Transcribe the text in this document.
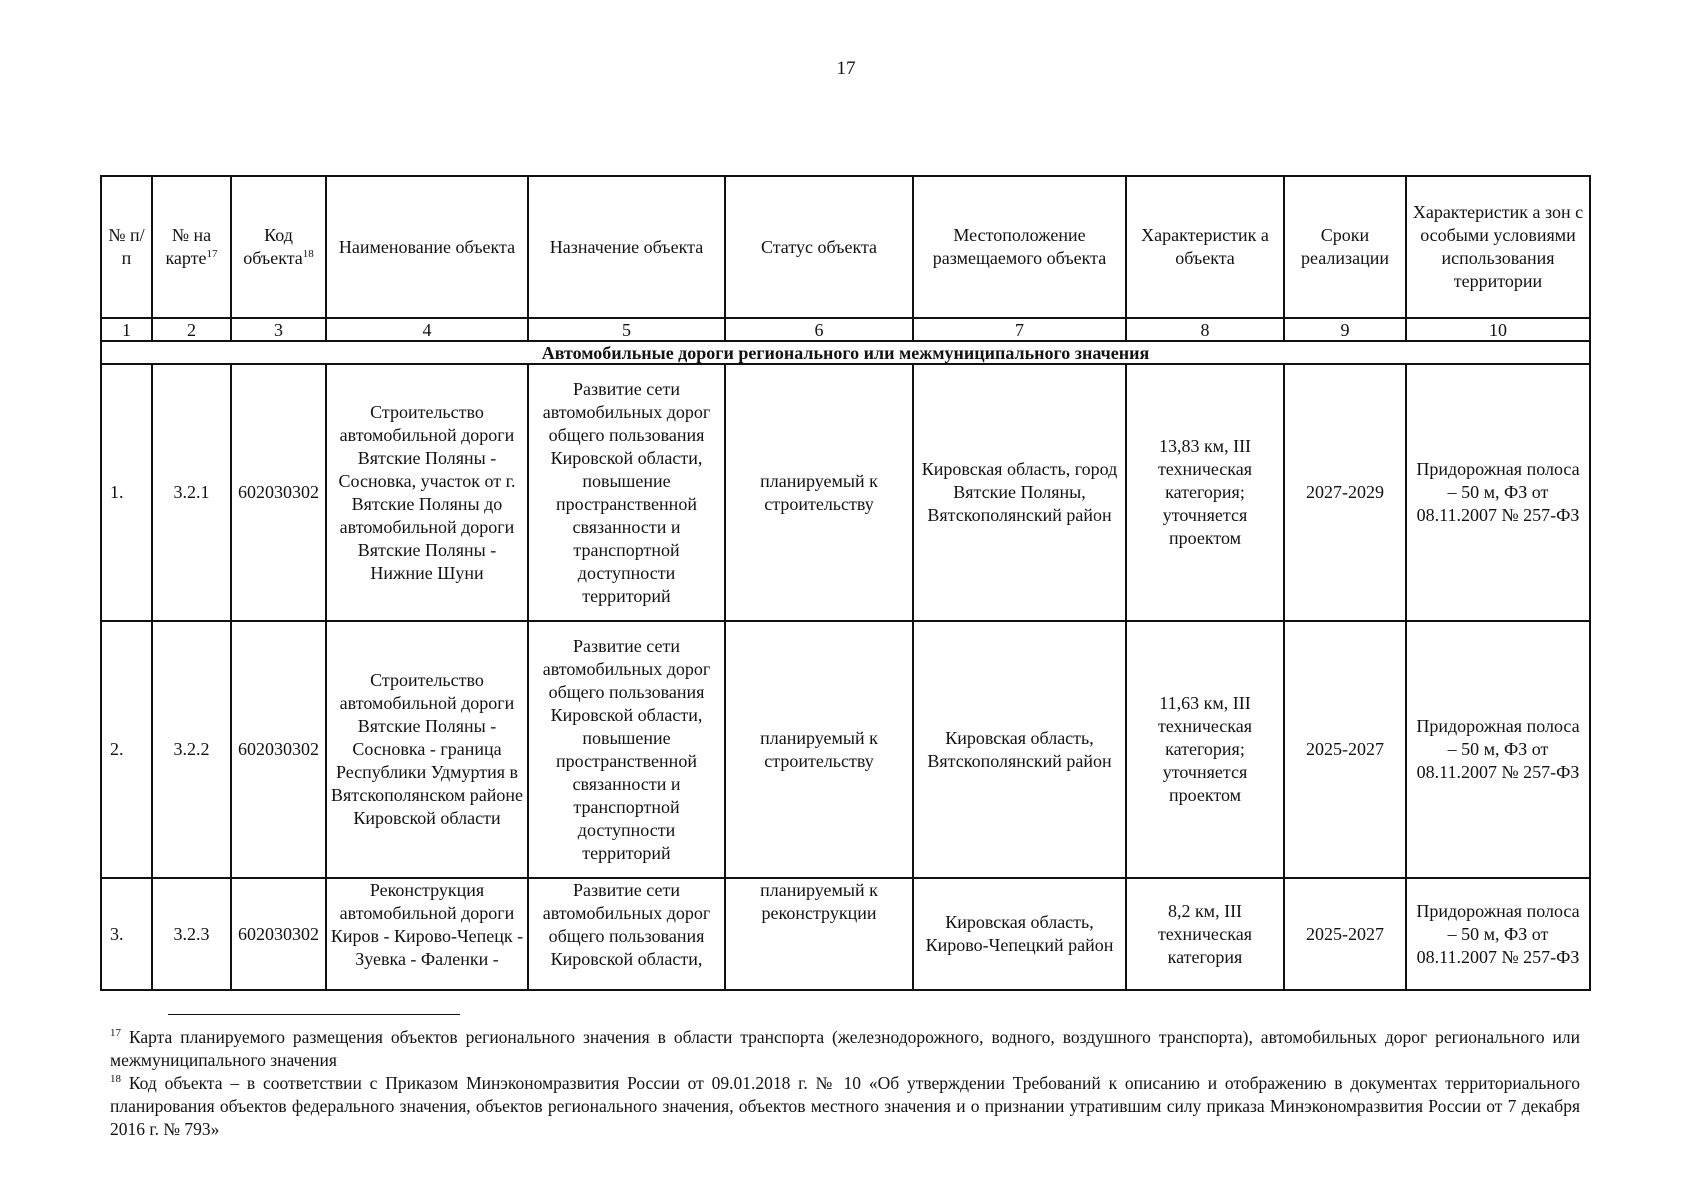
17
№ п/п	№ на карте$^{17}$	Код объекта$^{18}$	Наименование объекта	Назначение объекта	Статус объекта	Местоположение размещаемого объекта	Характеристик а объекта	Сроки реализации	Характеристик а зон с особыми условиями использования территории
1	2	3	4	5	6	7	8	9	10
Автомобильные дороги регионального или межмуниципального значения									
1.	3.2.1	602030302	Строительство автомобильной дороги Вятские Поляны - Сосновка, участок от г. Вятские Поляны до автомобильной дороги Вятские Поляны - Нижние Шуни	Развитие сети автомобильных дорог общего пользования Кировской области, повышение пространственной связанности и транспортной доступности территорий	планируемый к строительству	Кировская область, город Вятские Поляны, Вятскополянский район	13,83 км, III техническая категория; уточняется проектом	2027-2029	Придорожная полоса – 50 м, ФЗ от 08.11.2007 № 257-ФЗ
2.	3.2.2	602030302	Строительство автомобильной дороги Вятские Поляны - Сосновка - граница Республики Удмуртия в Вятскополянском районе Кировской области	Развитие сети автомобильных дорог общего пользования Кировской области, повышение пространственной связанности и транспортной доступности территорий	планируемый к строительству	Кировская область, Вятскополянский район	11,63 км, III техническая категория; уточняется проектом	2025-2027	Придорожная полоса – 50 м, ФЗ от 08.11.2007 № 257-ФЗ
3.	3.2.3	602030302	Реконструкция автомобильной дороги Киров - Кирово-Чепецк - Зуевка - Фаленки -	Развитие сети автомобильных дорог общего пользования Кировской области,	планируемый к реконструкции	Кировская область, Кирово-Чепецкий район	8,2 км, III техническая категория	2025-2027	Придорожная полоса – 50 м, ФЗ от 08.11.2007 № 257-ФЗ

$^{17}$ Карта планируемого размещения объектов регионального значения в области транспорта (железнодорожного, водного, воздушного транспорта), автомобильных дорог регионального или межмуниципального значения

$^{18}$ Код объекта – в соответствии с Приказом Минэкономразвития России от 09.01.2018 г. № 10 «Об утверждении Требований к описанию и отображению в документах территориального планирования объектов федерального значения, объектов регионального значения, объектов местного значения и о признании утратившим силу приказа Минэкономразвития России от 7 декабря 2016 г. № 793»
